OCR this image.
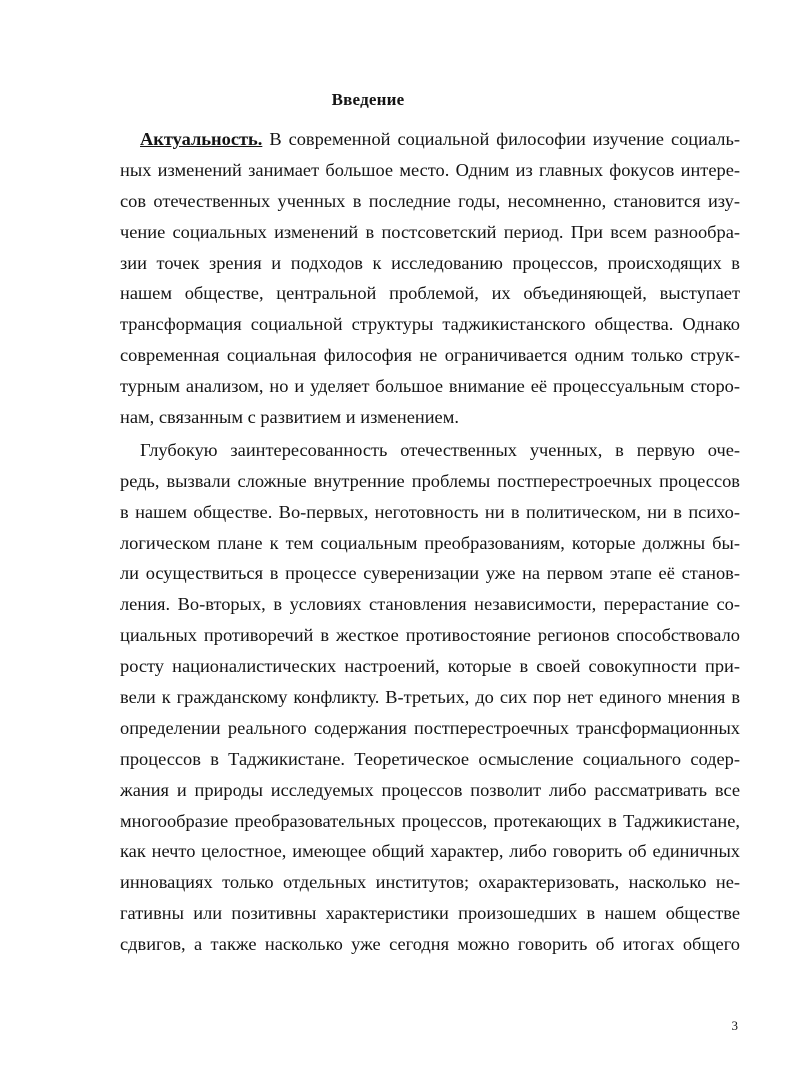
Введение
Актуальность. В современной социальной философии изучение социаль-
ных изменений занимает большое место. Одним из главных фокусов интере-
сов отечественных ученных в последние годы, несомненно, становится изу-
чение социальных изменений в постсоветский период. При всем разнообра-
зии точек зрения и подходов к исследованию процессов, происходящих в
нашем обществе, центральной проблемой, их объединяющей, выступает
трансформация социальной структуры таджикистанского общества. Однако
современная социальная философия не ограничивается одним только струк-
турным анализом, но и уделяет большое внимание её процессуальным сторо-
нам, связанным с развитием и изменением.
Глубокую заинтересованность отечественных ученных, в первую оче-
редь, вызвали сложные внутренние проблемы постперестроечных процессов
в нашем обществе. Во-первых, неготовность ни в политическом, ни в психо-
логическом плане к тем социальным преобразованиям, которые должны бы-
ли осуществиться в процессе суверенизации уже на первом этапе её станов-
ления. Во-вторых, в условиях становления независимости, перерастание со-
циальных противоречий в жесткое противостояние регионов способствовало
росту националистических настроений, которые в своей совокупности при-
вели к гражданскому конфликту. В-третьих, до сих пор нет единого мнения в
определении реального содержания постперестроечных трансформационных
процессов в Таджикистане. Теоретическое осмысление социального содер-
жания и природы исследуемых процессов позволит либо рассматривать все
многообразие преобразовательных процессов, протекающих в Таджикистане,
как нечто целостное, имеющее общий характер, либо говорить об единичных
инновациях только отдельных институтов; охарактеризовать, насколько не-
гативны или позитивны характеристики произошедших в нашем обществе
сдвигов, а также насколько уже сегодня можно говорить об итогах общего
3
